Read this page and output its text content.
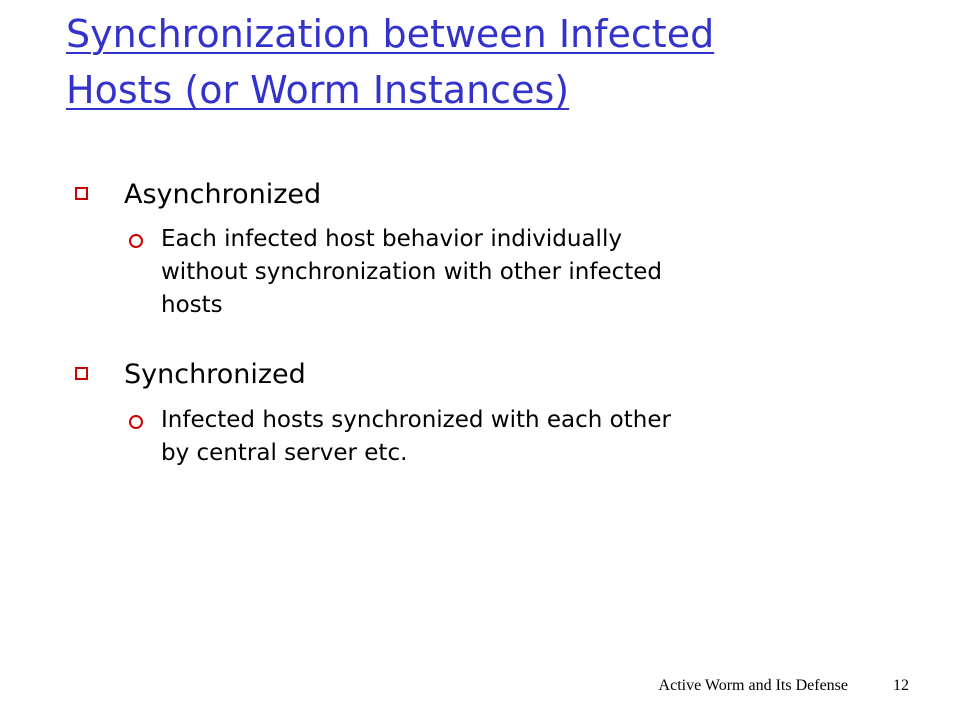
Synchronization between Infected
Hosts (or Worm Instances)
Asynchronized
Each infected host behavior individually
without synchronization with other infected
hosts
Synchronized
Infected hosts synchronized with each other
by central server etc.
Active Worm and Its Defense	12
